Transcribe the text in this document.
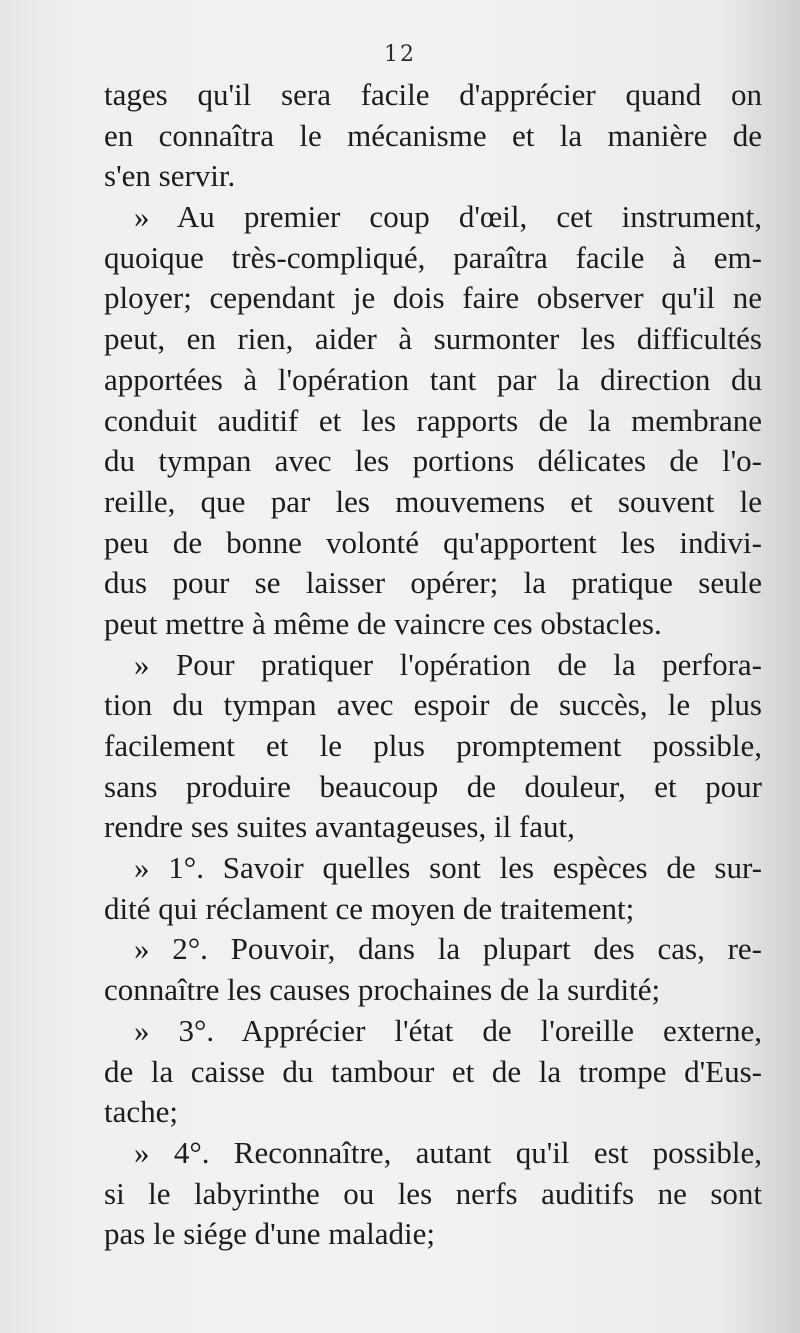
12
tages qu'il sera facile d'apprécier quand on
en connaîtra le mécanisme et la manière de
s'en servir.
» Au premier coup d'œil, cet instrument,
quoique très-compliqué, paraîtra facile à em-
ployer; cependant je dois faire observer qu'il ne
peut, en rien, aider à surmonter les difficultés
apportées à l'opération tant par la direction du
conduit auditif et les rapports de la membrane
du tympan avec les portions délicates de l'o-
reille, que par les mouvemens et souvent le
peu de bonne volonté qu'apportent les indivi-
dus pour se laisser opérer; la pratique seule
peut mettre à même de vaincre ces obstacles.
» Pour pratiquer l'opération de la perfora-
tion du tympan avec espoir de succès, le plus
facilement et le plus promptement possible,
sans produire beaucoup de douleur, et pour
rendre ses suites avantageuses, il faut,
» 1°. Savoir quelles sont les espèces de sur-
dité qui réclament ce moyen de traitement;
» 2°. Pouvoir, dans la plupart des cas, re-
connaître les causes prochaines de la surdité;
» 3°. Apprécier l'état de l'oreille externe,
de la caisse du tambour et de la trompe d'Eus-
tache;
» 4°. Reconnaître, autant qu'il est possible,
si le labyrinthe ou les nerfs auditifs ne sont
pas le siége d'une maladie;
